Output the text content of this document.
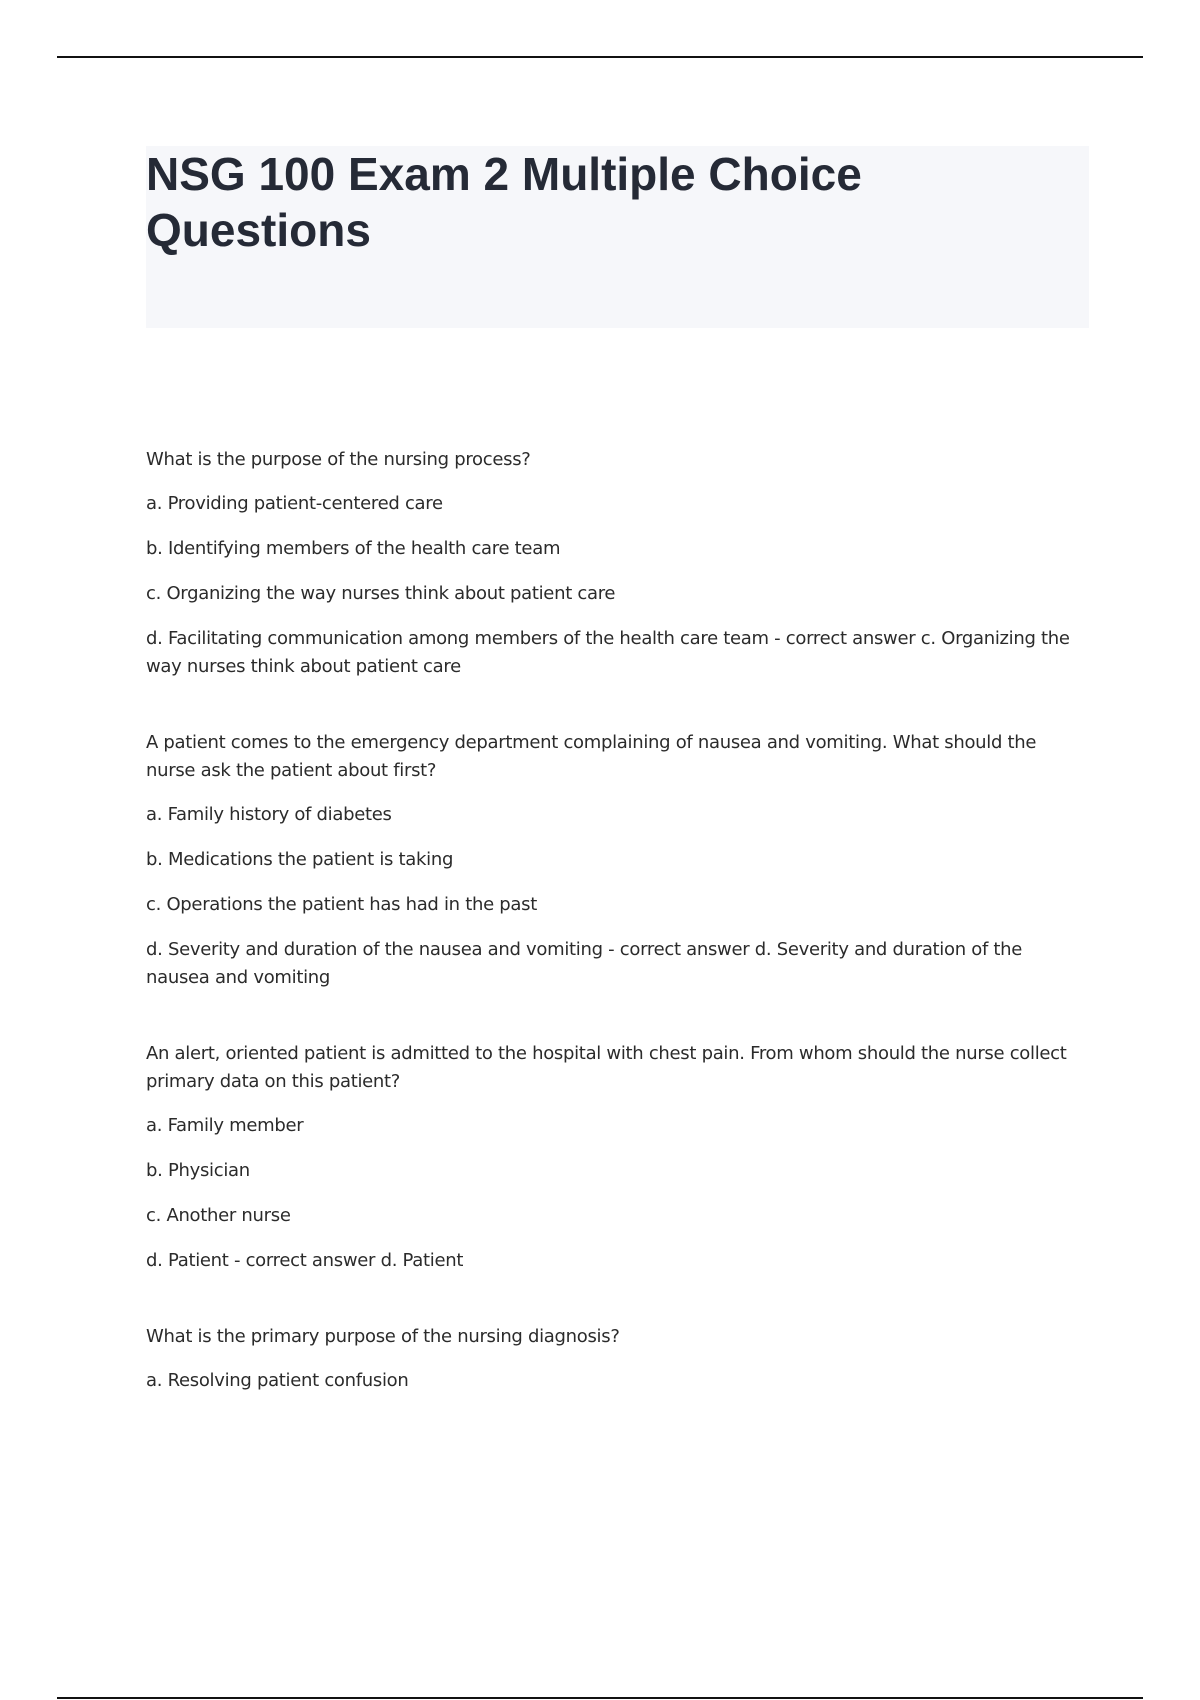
NSG 100 Exam 2 Multiple Choice Questions
What is the purpose of the nursing process?
a. Providing patient-centered care
b. Identifying members of the health care team
c. Organizing the way nurses think about patient care
d. Facilitating communication among members of the health care team - correct answer c. Organizing the way nurses think about patient care
A patient comes to the emergency department complaining of nausea and vomiting. What should the nurse ask the patient about first?
a. Family history of diabetes
b. Medications the patient is taking
c. Operations the patient has had in the past
d. Severity and duration of the nausea and vomiting - correct answer d. Severity and duration of the nausea and vomiting
An alert, oriented patient is admitted to the hospital with chest pain. From whom should the nurse collect primary data on this patient?
a. Family member
b. Physician
c. Another nurse
d. Patient - correct answer d. Patient
What is the primary purpose of the nursing diagnosis?
a. Resolving patient confusion
